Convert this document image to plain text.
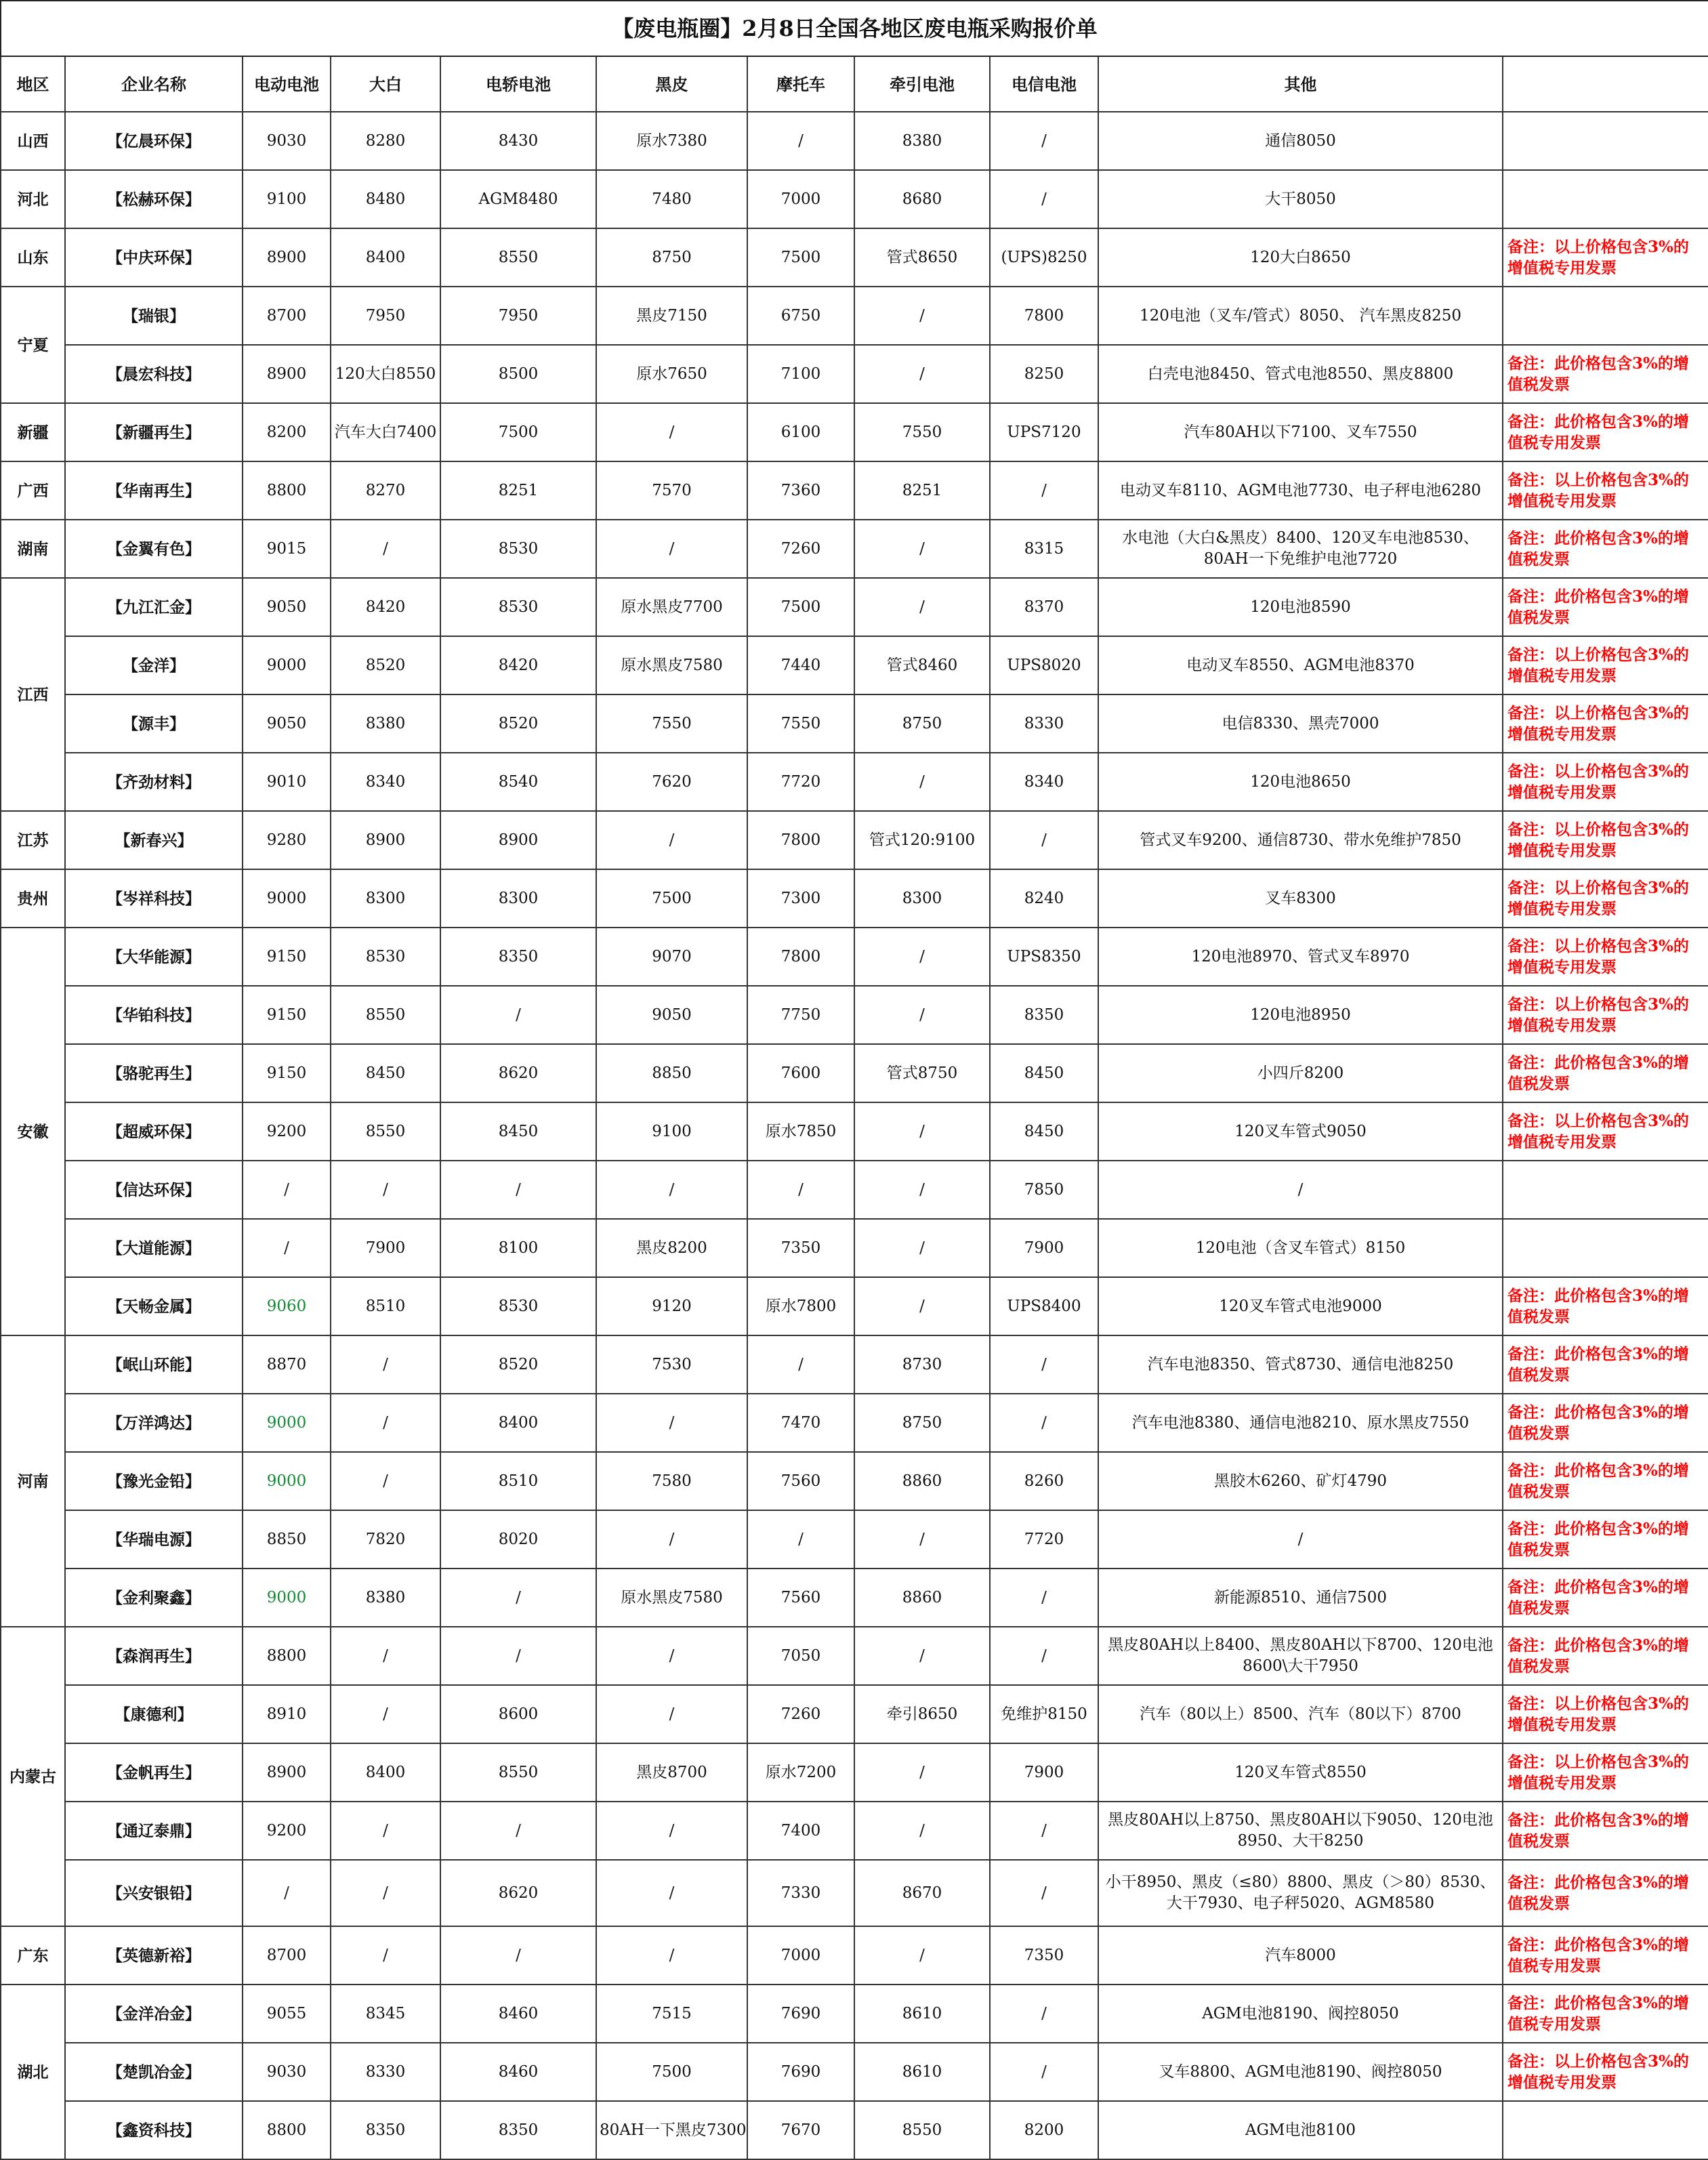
【废电瓶圈】2月8日全国各地区废电瓶采购报价单										
地区	企业名称	电动电池	大白	电轿电池	黑皮	摩托车	牵引电池	电信电池	其他	
山西	【亿晨环保】	9030	8280	8430	原水7380	/	8380	/	通信8050	
河北	【松赫环保】	9100	8480	AGM8480	7480	7000	8680	/	大干8050	
山东	【中庆环保】	8900	8400	8550	8750	7500	管式8650	(UPS)8250	120大白8650	备注：以上价格包含3%的增值税专用发票
宁夏	【瑞银】	8700	7950	7950	黑皮7150	6750	/	7800	120电池（叉车/管式）8050、 汽车黑皮8250	
	【晨宏科技】	8900	120大白8550	8500	原水7650	7100	/	8250	白壳电池8450、管式电池8550、黑皮8800	备注：此价格包含3%的增值税发票
新疆	【新疆再生】	8200	汽车大白7400	7500	/	6100	7550	UPS7120	汽车80AH以下7100、叉车7550	备注：此价格包含3%的增值税专用发票
广西	【华南再生】	8800	8270	8251	7570	7360	8251	/	电动叉车8110、AGM电池7730、电子秤电池6280	备注：以上价格包含3%的增值税专用发票
湖南	【金翼有色】	9015	/	8530	/	7260	/	8315	水电池（大白&黑皮）8400、120叉车电池8530、80AH一下免维护电池7720	备注：此价格包含3%的增值税发票
江西	【九江汇金】	9050	8420	8530	原水黑皮7700	7500	/	8370	120电池8590	备注：此价格包含3%的增值税发票
	【金洋】	9000	8520	8420	原水黑皮7580	7440	管式8460	UPS8020	电动叉车8550、AGM电池8370	备注：以上价格包含3%的增值税专用发票
	【源丰】	9050	8380	8520	7550	7550	8750	8330	电信8330、黑壳7000	备注：以上价格包含3%的增值税专用发票
	【齐劲材料】	9010	8340	8540	7620	7720	/	8340	120电池8650	备注：以上价格包含3%的增值税专用发票
江苏	【新春兴】	9280	8900	8900	/	7800	管式120:9100	/	管式叉车9200、通信8730、带水免维护7850	备注：以上价格包含3%的增值税专用发票
贵州	【岑祥科技】	9000	8300	8300	7500	7300	8300	8240	叉车8300	备注：以上价格包含3%的增值税专用发票
安徽	【大华能源】	9150	8530	8350	9070	7800	/	UPS8350	120电池8970、管式叉车8970	备注：以上价格包含3%的增值税专用发票
	【华铂科技】	9150	8550	/	9050	7750	/	8350	120电池8950	备注：以上价格包含3%的增值税专用发票
	【骆驼再生】	9150	8450	8620	8850	7600	管式8750	8450	小四斤8200	备注：此价格包含3%的增值税发票
	【超威环保】	9200	8550	8450	9100	原水7850	/	8450	120叉车管式9050	备注：以上价格包含3%的增值税专用发票
	【信达环保】	/	/	/	/	/	/	7850	/	
	【大道能源】	/	7900	8100	黑皮8200	7350	/	7900	120电池（含叉车管式）8150	
	【天畅金属】	9060	8510	8530	9120	原水7800	/	UPS8400	120叉车管式电池9000	备注：此价格包含3%的增值税发票
河南	【岷山环能】	8870	/	8520	7530	/	8730	/	汽车电池8350、管式8730、通信电池8250	备注：此价格包含3%的增值税发票
	【万洋鸿达】	9000	/	8400	/	7470	8750	/	汽车电池8380、通信电池8210、原水黑皮7550	备注：此价格包含3%的增值税发票
	【豫光金铅】	9000	/	8510	7580	7560	8860	8260	黑胶木6260、矿灯4790	备注：此价格包含3%的增值税发票
	【华瑞电源】	8850	7820	8020	/	/	/	7720	/	备注：此价格包含3%的增值税发票
	【金利聚鑫】	9000	8380	/	原水黑皮7580	7560	8860	/	新能源8510、通信7500	备注：此价格包含3%的增值税发票
内蒙古	【森润再生】	8800	/	/	/	7050	/	/	黑皮80AH以上8400、黑皮80AH以下8700、120电池8600\大干7950	备注：此价格包含3%的增值税发票
	【康德利】	8910	/	8600	/	7260	牵引8650	免维护8150	汽车（80以上）8500、汽车（80以下）8700	备注：以上价格包含3%的增值税专用发票
	【金帆再生】	8900	8400	8550	黑皮8700	原水7200	/	7900	120叉车管式8550	备注：以上价格包含3%的增值税专用发票
	【通辽泰鼎】	9200	/	/	/	7400	/	/	黑皮80AH以上8750、黑皮80AH以下9050、120电池8950、大干8250	备注：此价格包含3%的增值税发票
	【兴安银铅】	/	/	8620	/	7330	8670	/	小干8950、黑皮（≤80）8800、黑皮（＞80）8530、大干7930、电子秤5020、AGM8580	备注：此价格包含3%的增值税发票
广东	【英德新裕】	8700	/	/	/	7000	/	7350	汽车8000	备注：此价格包含3%的增值税专用发票
湖北	【金洋冶金】	9055	8345	8460	7515	7690	8610	/	AGM电池8190、阀控8050	备注：此价格包含3%的增值税专用发票
	【楚凯冶金】	9030	8330	8460	7500	7690	8610	/	叉车8800、AGM电池8190、阀控8050	备注：以上价格包含3%的增值税专用发票
	【鑫资科技】	8800	8350	8350	80AH一下黑皮7300	7670	8550	8200	AGM电池8100	
